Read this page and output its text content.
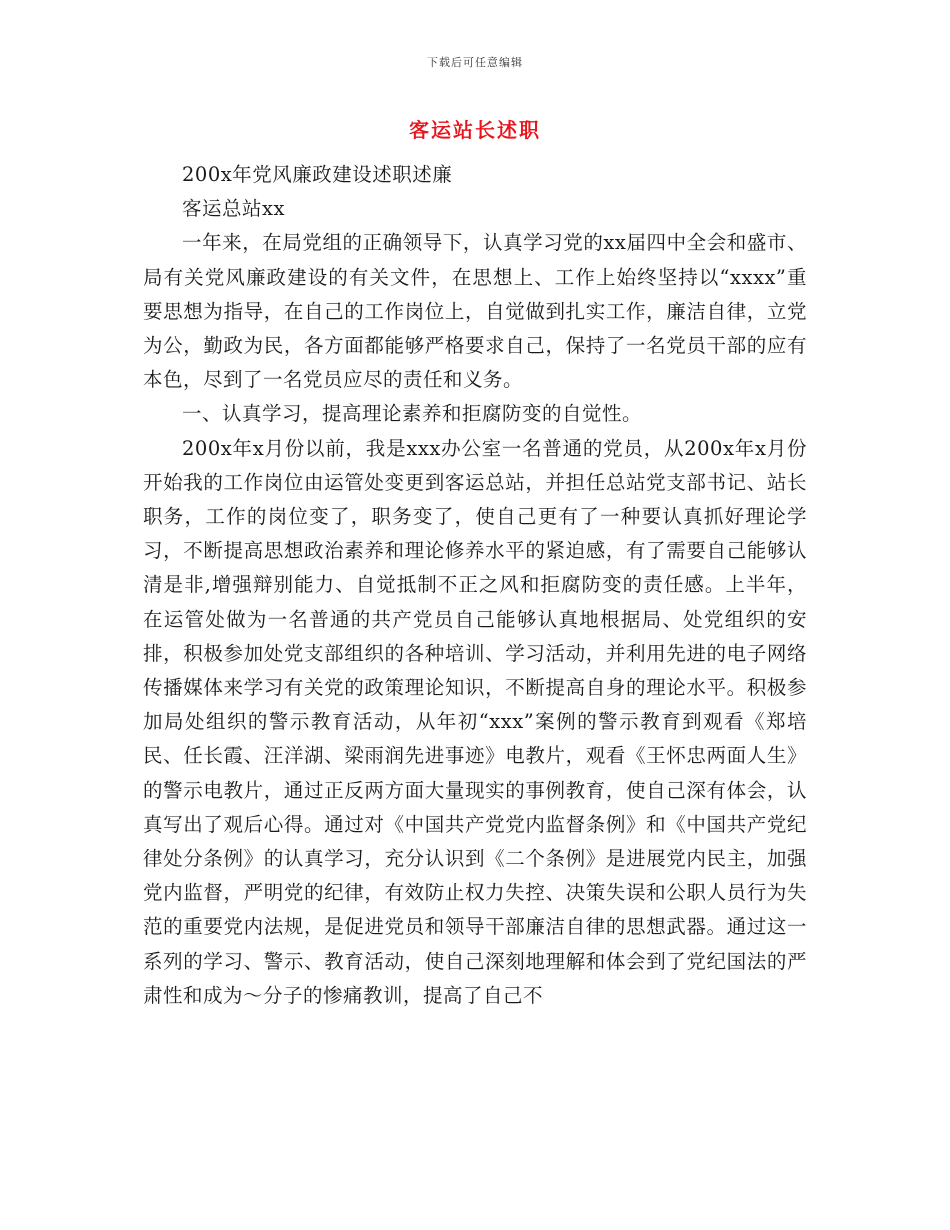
下载后可任意编辑
客运站长述职

200x年党风廉政建设述职述廉

客运总站xx

一年来，在局党组的正确领导下，认真学习党的xx届四中全会和盛市、局有关党风廉政建设的有关文件，在思想上、工作上始终坚持以“xxxx”重要思想为指导，在自己的工作岗位上，自觉做到扎实工作，廉洁自律，立党为公，勤政为民，各方面都能够严格要求自己，保持了一名党员干部的应有本色，尽到了一名党员应尽的责任和义务。

一、认真学习，提高理论素养和拒腐防变的自觉性。

200x年x月份以前，我是xxx办公室一名普通的党员，从200x年x月份开始我的工作岗位由运管处变更到客运总站，并担任总站党支部书记、站长职务，工作的岗位变了，职务变了，使自己更有了一种要认真抓好理论学习，不断提高思想政治素养和理论修养水平的紧迫感，有了需要自己能够认清是非,增强辩别能力、自觉抵制不正之风和拒腐防变的责任感。上半年，在运管处做为一名普通的共产党员自己能够认真地根据局、处党组织的安排，积极参加处党支部组织的各种培训、学习活动，并利用先进的电子网络传播媒体来学习有关党的政策理论知识，不断提高自身的理论水平。积极参加局处组织的警示教育活动，从年初“xxx”案例的警示教育到观看《郑培民、任长霞、汪洋湖、梁雨润先进事迹》电教片，观看《王怀忠两面人生》的警示电教片，通过正反两方面大量现实的事例教育，使自己深有体会，认真写出了观后心得。通过对《中国共产党党内监督条例》和《中国共产党纪律处分条例》的认真学习，充分认识到《二个条例》是进展党内民主，加强党内监督，严明党的纪律，有效防止权力失控、决策失误和公职人员行为失范的重要党内法规，是促进党员和领导干部廉洁自律的思想武器。通过这一系列的学习、警示、教育活动，使自己深刻地理解和体会到了党纪国法的严肃性和成为～分子的惨痛教训，提高了自己不
